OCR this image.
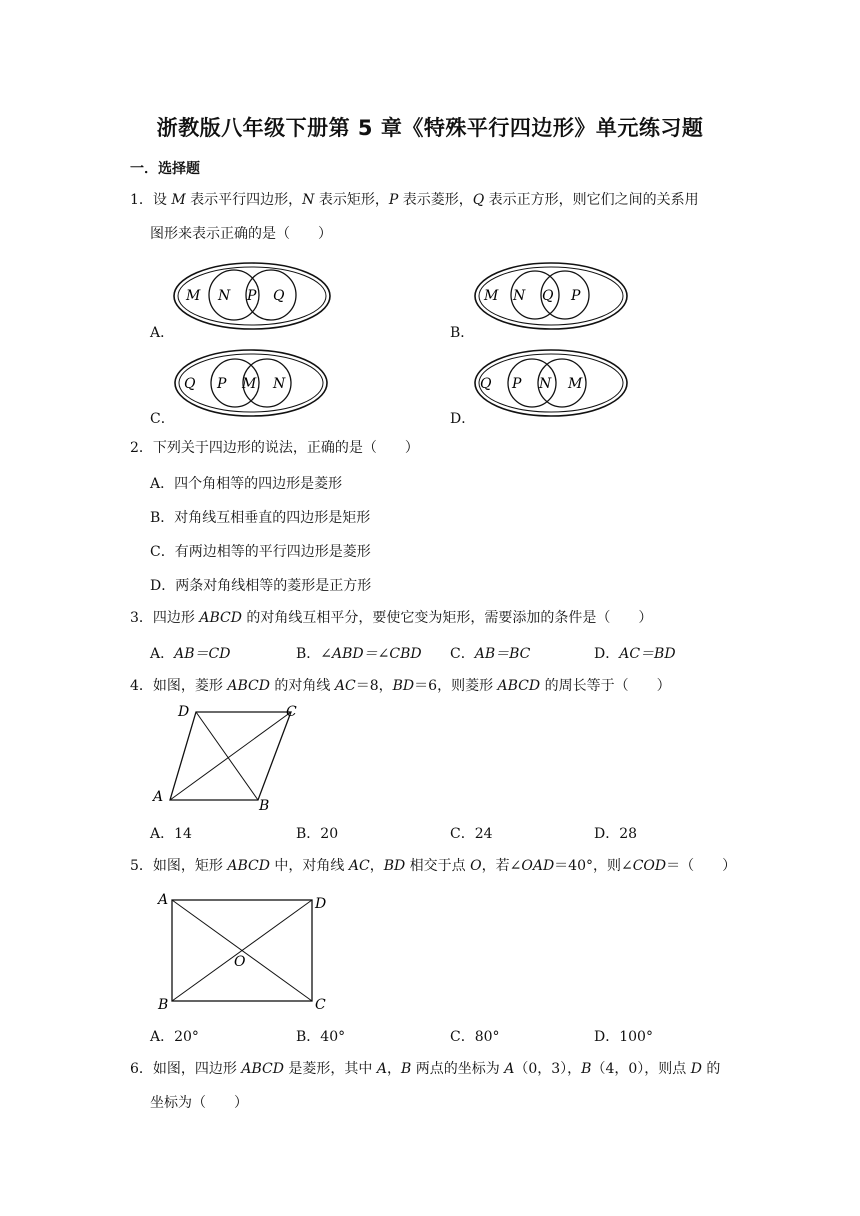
浙教版八年级下册第 5 章《特殊平行四边形》单元练习题
一．选择题
1．设 M 表示平行四边形，N 表示矩形，P 表示菱形，Q 表示正方形，则它们之间的关系用
图形来表示正确的是（　　）
M N P Q
A．
M N Q P
B．
Q P M N
C．
Q P N M
D．
2．下列关于四边形的说法，正确的是（　　）
A．四个角相等的四边形是菱形
B．对角线互相垂直的四边形是矩形
C．有两边相等的平行四边形是菱形
D．两条对角线相等的菱形是正方形
3．四边形 ABCD 的对角线互相平分，要使它变为矩形，需要添加的条件是（　　）
A．AB＝CD	B．∠ABD＝∠CBD C．AB＝BC	D．AC＝BD
4．如图，菱形 ABCD 的对角线 AC＝8，BD＝6，则菱形 ABCD 的周长等于（　　）
D	C
A
B
A．14	B．20	C．24	D．28
5．如图，矩形 ABCD 中，对角线 AC，BD 相交于点 O，若∠OAD＝40°，则∠COD＝（　　）
A	D
B	C
O
A．20°	B．40°	C．80°	D．100°
6．如图，四边形 ABCD 是菱形，其中 A，B 两点的坐标为 A（0，3），B（4，0），则点 D 的
坐标为（　　）
